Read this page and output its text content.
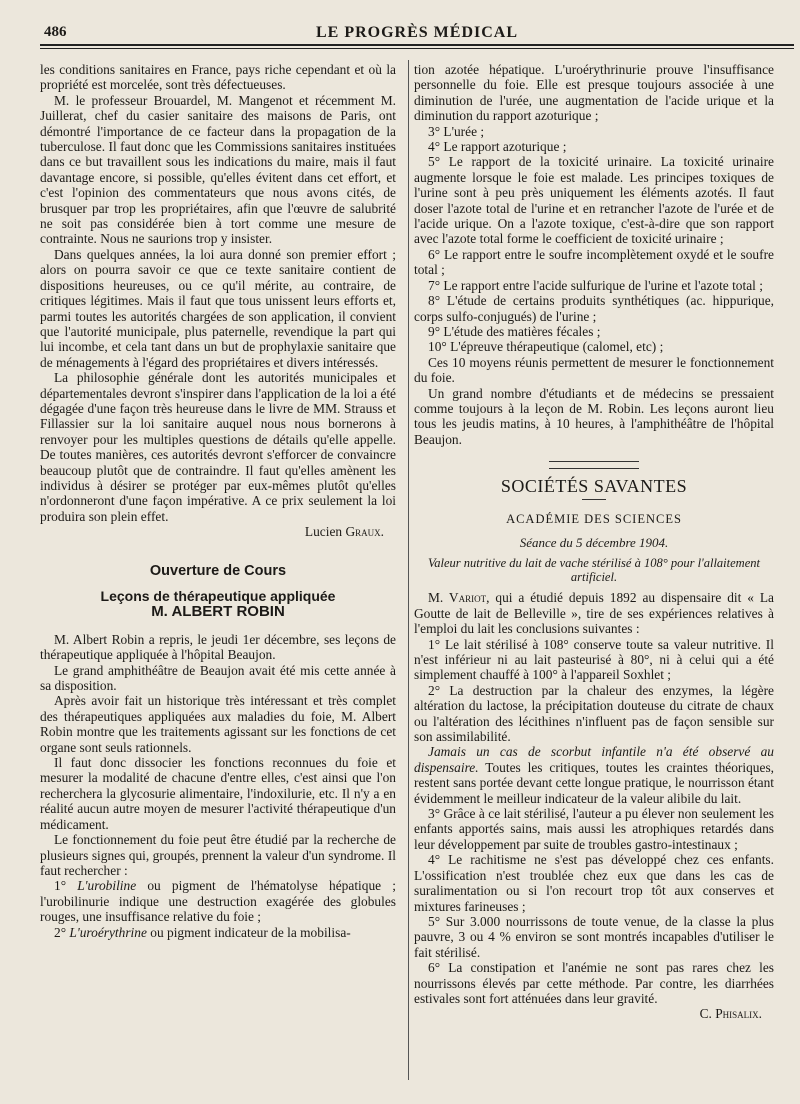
486	LE PROGRÈS MÉDICAL

les conditions sanitaires en France, pays riche cependant et où la propriété est morcelée, sont très défectueuses.

M. le professeur Brouardel, M. Mangenot et récemment M. Juillerat, chef du casier sanitaire des maisons de Paris, ont démontré l'importance de ce facteur dans la propagation de la tuberculose. Il faut donc que les Commissions sanitaires instituées dans ce but travaillent sous les indications du maire, mais il faut davantage encore, si possible, qu'elles évitent dans cet effort, et c'est l'opinion des commentateurs que nous avons cités, de brusquer par trop les propriétaires, afin que l'œuvre de salubrité ne soit pas considérée bien à tort comme une mesure de contrainte. Nous ne saurions trop y insister.

Dans quelques années, la loi aura donné son premier effort ; alors on pourra savoir ce que ce texte sanitaire contient de dispositions heureuses, ou ce qu'il mérite, au contraire, de critiques légitimes. Mais il faut que tous unissent leurs efforts et, parmi toutes les autorités chargées de son application, il convient que l'autorité municipale, plus paternelle, revendique la part qui lui incombe, et cela tant dans un but de prophylaxie sanitaire que de ménagements à l'égard des propriétaires et divers intéressés.

La philosophie générale dont les autorités municipales et départementales devront s'inspirer dans l'application de la loi a été dégagée d'une façon très heureuse dans le livre de MM. Strauss et Fillassier sur la loi sanitaire auquel nous nous bornerons à renvoyer pour les multiples questions de détails qu'elle appelle. De toutes manières, ces autorités devront s'efforcer de convaincre beaucoup plutôt que de contraindre. Il faut qu'elles amènent les individus à désirer se protéger par eux-mêmes plutôt qu'elles n'ordonneront d'une façon impérative. A ce prix seulement la loi produira son plein effet.

Lucien Graux.
Ouverture de Cours
Leçons de thérapeutique appliquée
M. ALBERT ROBIN

M. Albert Robin a repris, le jeudi 1er décembre, ses leçons de thérapeutique appliquée à l'hôpital Beaujon.

Le grand amphithéâtre de Beaujon avait été mis cette année à sa disposition.

Après avoir fait un historique très intéressant et très complet des thérapeutiques appliquées aux maladies du foie, M. Albert Robin montre que les traitements agissant sur les fonctions de cet organe sont seuls rationnels.

Il faut donc dissocier les fonctions reconnues du foie et mesurer la modalité de chacune d'entre elles, c'est ainsi que l'on recherchera la glycosurie alimentaire, l'indoxilurie, etc. Il n'y a en réalité aucun autre moyen de mesurer l'activité thérapeutique d'un médicament.

Le fonctionnement du foie peut être étudié par la recherche de plusieurs signes qui, groupés, prennent la valeur d'un syndrome. Il faut rechercher :

1° L'urobiline ou pigment de l'hématolyse hépatique ; l'urobilinurie indique une destruction exagérée des globules rouges, une insuffisance relative du foie ;

2° L'uroérythrine ou pigment indicateur de la mobilisa-

tion azotée hépatique. L'uroérythrinurie prouve l'insuffisance personnelle du foie. Elle est presque toujours associée à une diminution de l'urée, une augmentation de l'acide urique et la diminution du rapport azoturique ;

3° L'urée ;

4° Le rapport azoturique ;

5° Le rapport de la toxicité urinaire. La toxicité urinaire augmente lorsque le foie est malade. Les principes toxiques de l'urine sont à peu près uniquement les éléments azotés. Il faut doser l'azote total de l'urine et en retrancher l'azote de l'urée et de l'acide urique. On a l'azote toxique, c'est-à-dire que son rapport avec l'azote total forme le coefficient de toxicité urinaire ;

6° Le rapport entre le soufre incomplètement oxydé et le soufre total ;

7° Le rapport entre l'acide sulfurique de l'urine et l'azote total ;

8° L'étude de certains produits synthétiques (ac. hippurique, corps sulfo-conjugués) de l'urine ;

9° L'étude des matières fécales ;

10° L'épreuve thérapeutique (calomel, etc) ;

Ces 10 moyens réunis permettent de mesurer le fonctionnement du foie.

Un grand nombre d'étudiants et de médecins se pressaient comme toujours à la leçon de M. Robin. Les leçons auront lieu tous les jeudis matins, à 10 heures, à l'amphithéâtre de l'hôpital Beaujon.

SOCIÉTÉS SAVANTES
ACADÉMIE DES SCIENCES
Séance du 5 décembre 1904.
Valeur nutritive du lait de vache stérilisé à 108° pour l'allaitement artificiel.

M. Variot, qui a étudié depuis 1892 au dispensaire dit « La Goutte de lait de Belleville », tire de ses expériences relatives à l'emploi du lait les conclusions suivantes :

1° Le lait stérilisé à 108° conserve toute sa valeur nutritive. Il n'est inférieur ni au lait pasteurisé à 80°, ni à celui qui a été simplement chauffé à 100° à l'appareil Soxhlet ;

2° La destruction par la chaleur des enzymes, la légère altération du lactose, la précipitation douteuse du citrate de chaux ou l'altération des lécithines n'influent pas de façon sensible sur son assimilabilité.

Jamais un cas de scorbut infantile n'a été observé au dispensaire. Toutes les critiques, toutes les craintes théoriques, restent sans portée devant cette longue pratique, le nourrisson étant évidemment le meilleur indicateur de la valeur alibile du lait.

3° Grâce à ce lait stérilisé, l'auteur a pu élever non seulement les enfants apportés sains, mais aussi les atrophiques retardés dans leur développement par suite de troubles gastro-intestinaux ;

4° Le rachitisme ne s'est pas développé chez ces enfants. L'ossification n'est troublée chez eux que dans les cas de suralimentation ou si l'on recourt trop tôt aux conserves et mixtures farineuses ;

5° Sur 3.000 nourrissons de toute venue, de la classe la plus pauvre, 3 ou 4 % environ se sont montrés incapables d'utiliser le fait stérilisé.

6° La constipation et l'anémie ne sont pas rares chez les nourrissons élevés par cette méthode. Par contre, les diarrhées estivales sont fort atténuées dans leur gravité.

C. Phisalix.
